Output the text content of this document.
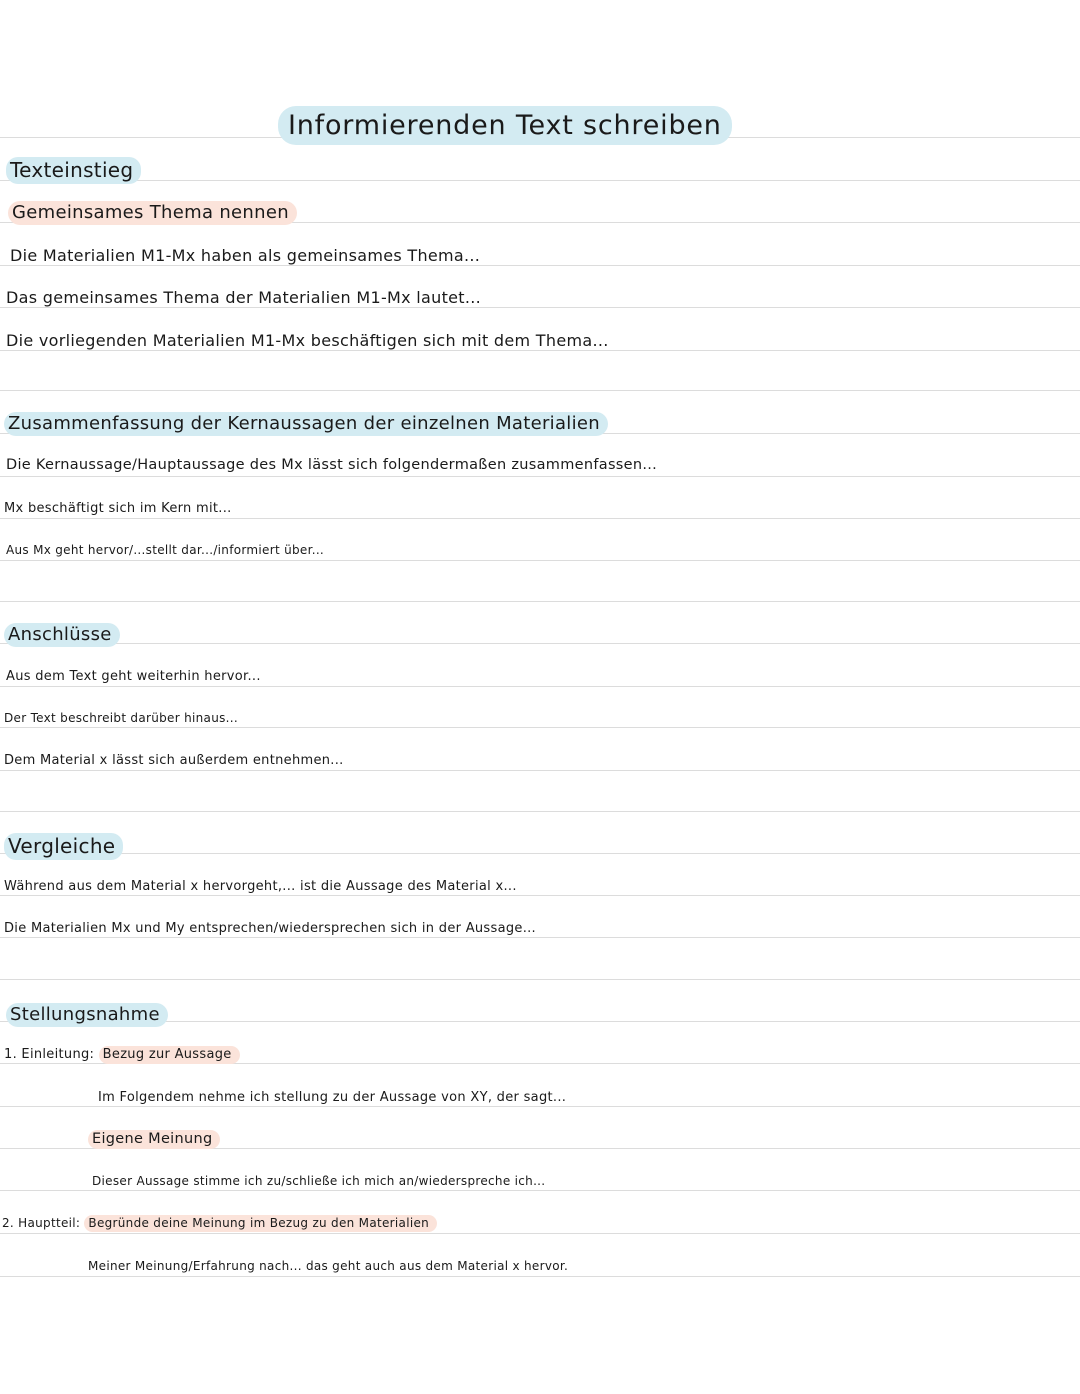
Informierenden Text schreiben
Texteinstieg
Gemeinsames Thema nennen
Die Materialien M1-Mx haben als gemeinsames Thema...
Das gemeinsames Thema der Materialien M1-Mx lautet...
Die vorliegenden Materialien M1-Mx beschäftigen sich mit dem Thema...
Zusammenfassung der Kernaussagen der einzelnen Materialien
Die Kernaussage/Hauptaussage des Mx lässt sich folgendermaßen zusammenfassen...
Mx beschäftigt sich im Kern mit...
Aus Mx geht hervor/...stellt dar.../informiert über...
Anschlüsse
Aus dem Text geht weiterhin hervor...
Der Text beschreibt darüber hinaus...
Dem Material x lässt sich außerdem entnehmen...
Vergleiche
Während aus dem Material x hervorgeht,... ist die Aussage des Material x...
Die Materialien Mx und My entsprechen/wiedersprechen sich in der Aussage...
Stellungsnahme
1. Einleitung: Bezug zur Aussage
Im Folgendem nehme ich stellung zu der Aussage von XY, der sagt...
Eigene Meinung
Dieser Aussage stimme ich zu/schließe ich mich an/wiederspreche ich...
2. Hauptteil: Begründe deine Meinung im Bezug zu den Materialien
Meiner Meinung/Erfahrung nach... das geht auch aus dem Material x hervor.
